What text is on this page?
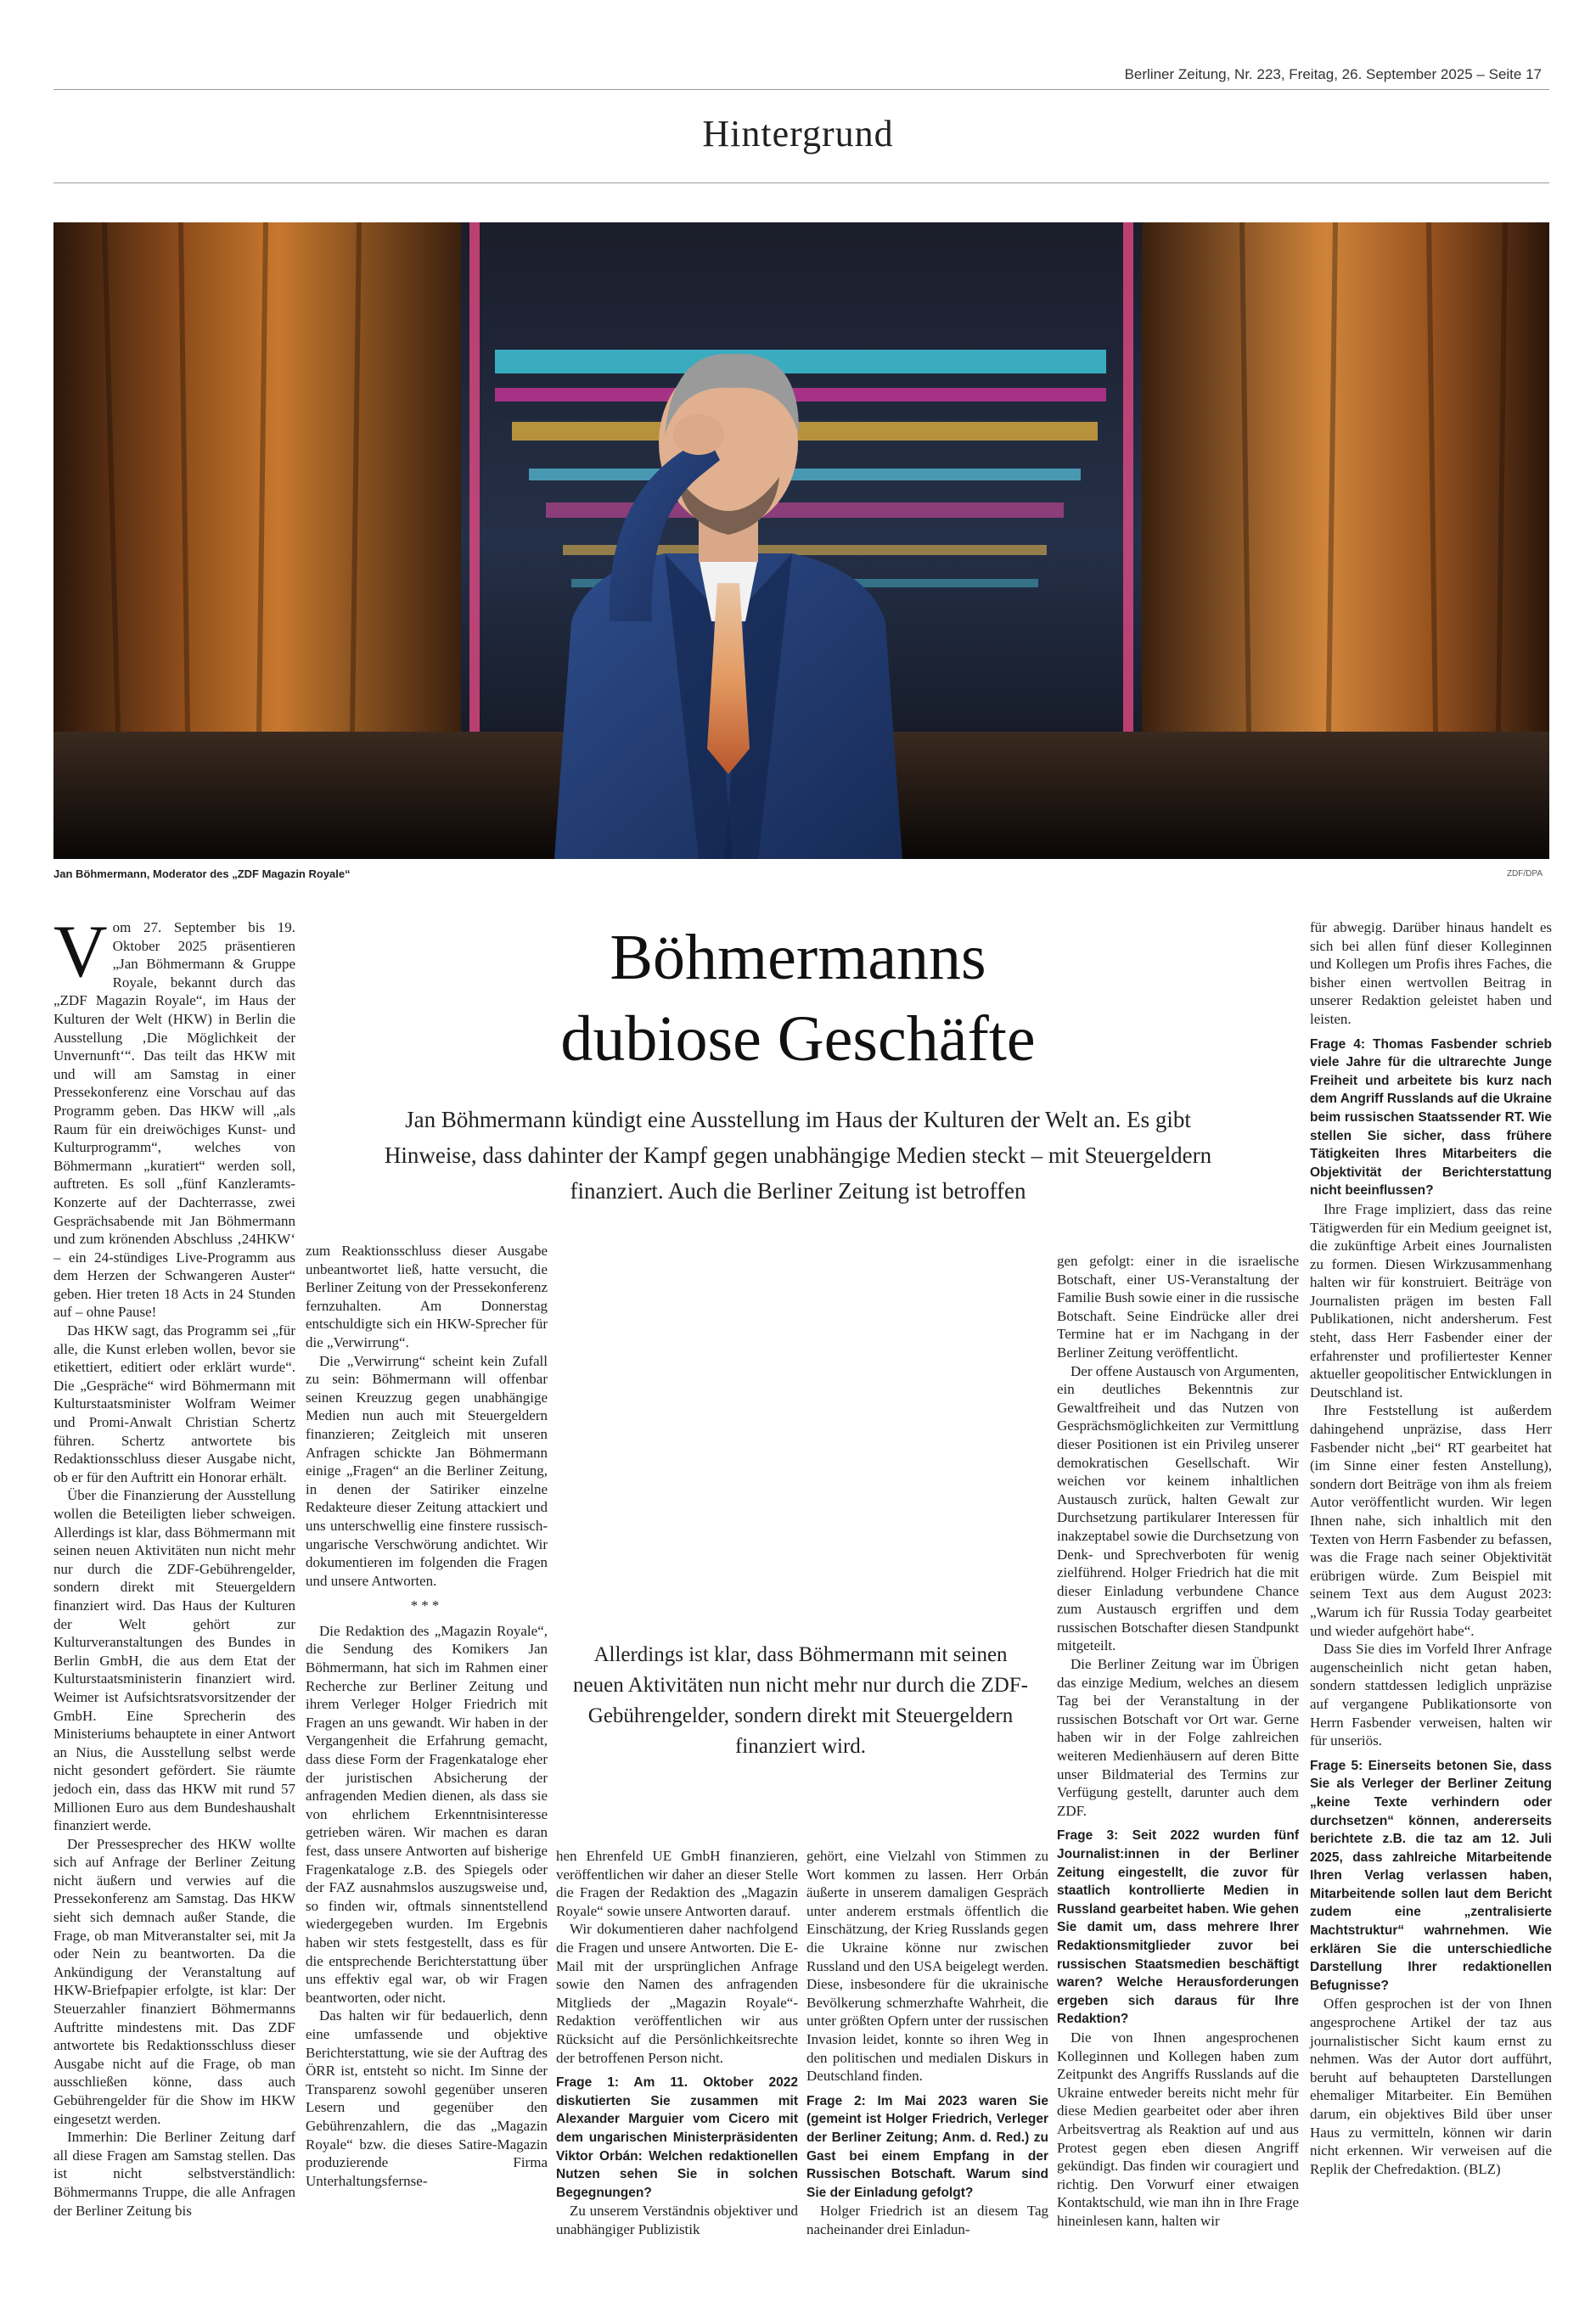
Berliner Zeitung, Nr. 223, Freitag, 26. September 2025 – Seite 17
Hintergrund
Jan Böhmermann, Moderator des „ZDF Magazin Royale“	ZDF/DPA
Böhmermanns
dubiose Geschäfte
Jan Böhmermann kündigt eine Ausstellung im Haus der Kulturen der Welt an. Es gibt Hinweise, dass dahinter der Kampf gegen unabhängige Medien steckt – mit Steuergeldern finanziert. Auch die Berliner Zeitung ist betroffen
Allerdings ist klar, dass Böhmermann mit seinen neuen Aktivitäten nun nicht mehr nur durch die ZDF-Gebührengelder, sondern direkt mit Steuergeldern finanziert wird.
V om 27. September bis 19. Oktober 2025 präsentieren „Jan Böhmermann & Gruppe Royale, bekannt durch das „ZDF Magazin Royale“, im Haus der Kulturen der Welt (HKW) in Berlin die Ausstellung ‚Die Möglichkeit der Unvernunft‘“. Das teilt das HKW mit und will am Samstag in einer Pressekonferenz eine Vorschau auf das Programm geben. Das HKW will „als Raum für ein dreiwöchiges Kunst- und Kulturprogramm“, welches von Böhmermann „kuratiert“ werden soll, auftreten. Es soll „fünf Kanzleramts-Konzerte auf der Dachterrasse, zwei Gesprächsabende mit Jan Böhmermann und zum krönenden Abschluss ‚24HKW‘ – ein 24-stündiges Live-Programm aus dem Herzen der Schwangeren Auster“ geben. Hier treten 18 Acts in 24 Stunden auf – ohne Pause!

Das HKW sagt, das Programm sei „für alle, die Kunst erleben wollen, bevor sie etikettiert, editiert oder erklärt wurde“. Die „Gespräche“ wird Böhmermann mit Kulturstaatsminister Wolfram Weimer und Promi-Anwalt Christian Schertz führen. Schertz antwortete bis Redaktionsschluss dieser Ausgabe nicht, ob er für den Auftritt ein Honorar erhält.

Über die Finanzierung der Ausstellung wollen die Beteiligten lieber schweigen. Allerdings ist klar, dass Böhmermann mit seinen neuen Aktivitäten nun nicht mehr nur durch die ZDF-Gebührengelder, sondern direkt mit Steuergeldern finanziert wird. Das Haus der Kulturen der Welt gehört zur Kulturveranstaltungen des Bundes in Berlin GmbH, die aus dem Etat der Kulturstaatsministerin finanziert wird. Weimer ist Aufsichtsratsvorsitzender der GmbH. Eine Sprecherin des Ministeriums behauptete in einer Antwort an Nius, die Ausstellung selbst werde nicht gesondert gefördert. Sie räumte jedoch ein, dass das HKW mit rund 57 Millionen Euro aus dem Bundeshaushalt finanziert werde.

Der Pressesprecher des HKW wollte sich auf Anfrage der Berliner Zeitung nicht äußern und verwies auf die Pressekonferenz am Samstag. Das HKW sieht sich demnach außer Stande, die Frage, ob man Mitveranstalter sei, mit Ja oder Nein zu beantworten. Da die Ankündigung der Veranstaltung auf HKW-Briefpapier erfolgte, ist klar: Der Steuerzahler finanziert Böhmermanns Auftritte mindestens mit. Das ZDF antwortete bis Redaktionsschluss dieser Ausgabe nicht auf die Frage, ob man ausschließen könne, dass auch Gebührengelder für die Show im HKW eingesetzt werden.

Immerhin: Die Berliner Zeitung darf all diese Fragen am Samstag stellen. Das ist nicht selbstverständlich: Böhmermanns Truppe, die alle Anfragen der Berliner Zeitung bis

zum Reaktionsschluss dieser Ausgabe unbeantwortet ließ, hatte versucht, die Berliner Zeitung von der Pressekonferenz fernzuhalten. Am Donnerstag entschuldigte sich ein HKW-Sprecher für die „Verwirrung“.

Die „Verwirrung“ scheint kein Zufall zu sein: Böhmermann will offenbar seinen Kreuzzug gegen unabhängige Medien nun auch mit Steuergeldern finanzieren; Zeitgleich mit unseren Anfragen schickte Jan Böhmermann einige „Fragen“ an die Berliner Zeitung, in denen der Satiriker einzelne Redakteure dieser Zeitung attackiert und uns unterschwellig eine finstere russisch-ungarische Verschwörung andichtet. Wir dokumentieren im folgenden die Fragen und unsere Antworten.

***

Die Redaktion des „Magazin Royale“, die Sendung des Komikers Jan Böhmermann, hat sich im Rahmen einer Recherche zur Berliner Zeitung und ihrem Verleger Holger Friedrich mit Fragen an uns gewandt. Wir haben in der Vergangenheit die Erfahrung gemacht, dass diese Form der Fragenkataloge eher der juristischen Absicherung der anfragenden Medien dienen, als dass sie von ehrlichem Erkenntnisinteresse getrieben wären. Wir machen es daran fest, dass unsere Antworten auf bisherige Fragenkataloge z.B. des Spiegels oder der FAZ ausnahmslos auszugsweise und, so finden wir, oftmals sinnentstellend wiedergegeben wurden. Im Ergebnis haben wir stets festgestellt, dass es für die entsprechende Berichterstattung über uns effektiv egal war, ob wir Fragen beantworten, oder nicht.

Das halten wir für bedauerlich, denn eine umfassende und objektive Berichterstattung, wie sie der Auftrag des ÖRR ist, entsteht so nicht. Im Sinne der Transparenz sowohl gegenüber unseren Lesern und gegenüber den Gebührenzahlern, die das „Magazin Royale“ bzw. die dieses Satire-Magazin produzierende Firma Unterhaltungsfernse-

hen Ehrenfeld UE GmbH finanzieren, veröffentlichen wir daher an dieser Stelle die Fragen der Redaktion des „Magazin Royale“ sowie unsere Antworten darauf.

Wir dokumentieren daher nachfolgend die Fragen und unsere Antworten. Die E-Mail mit der ursprünglichen Anfrage sowie den Namen des anfragenden Mitglieds der „Magazin Royale“-Redaktion veröffentlichen wir aus Rücksicht auf die Persönlichkeitsrechte der betroffenen Person nicht.

Frage 1: Am 11. Oktober 2022 diskutierten Sie zusammen mit Alexander Marguier vom Cicero mit dem ungarischen Ministerpräsidenten Viktor Orbán: Welchen redaktionellen Nutzen sehen Sie in solchen Begegnungen?

Zu unserem Verständnis objektiver und unabhängiger Publizistik

gehört, eine Vielzahl von Stimmen zu Wort kommen zu lassen. Herr Orbán äußerte in unserem damaligen Gespräch unter anderem erstmals öffentlich die Einschätzung, der Krieg Russlands gegen die Ukraine könne nur zwischen Russland und den USA beigelegt werden. Diese, insbesondere für die ukrainische Bevölkerung schmerzhafte Wahrheit, die unter größten Opfern unter der russischen Invasion leidet, konnte so ihren Weg in den politischen und medialen Diskurs in Deutschland finden.

Frage 2: Im Mai 2023 waren Sie (gemeint ist Holger Friedrich, Verleger der Berliner Zeitung; Anm. d. Red.) zu Gast bei einem Empfang in der Russischen Botschaft. Warum sind Sie der Einladung gefolgt?

Holger Friedrich ist an diesem Tag nacheinander drei Einladun-

gen gefolgt: einer in die israelische Botschaft, einer US-Veranstaltung der Familie Bush sowie einer in die russische Botschaft. Seine Eindrücke aller drei Termine hat er im Nachgang in der Berliner Zeitung veröffentlicht.

Der offene Austausch von Argumenten, ein deutliches Bekenntnis zur Gewaltfreiheit und das Nutzen von Gesprächsmöglichkeiten zur Vermittlung dieser Positionen ist ein Privileg unserer demokratischen Gesellschaft. Wir weichen vor keinem inhaltlichen Austausch zurück, halten Gewalt zur Durchsetzung partikularer Interessen für inakzeptabel sowie die Durchsetzung von Denk- und Sprechverboten für wenig zielführend. Holger Friedrich hat die mit dieser Einladung verbundene Chance zum Austausch ergriffen und dem russischen Botschafter diesen Standpunkt mitgeteilt.

Die Berliner Zeitung war im Übrigen das einzige Medium, welches an diesem Tag bei der Veranstaltung in der russischen Botschaft vor Ort war. Gerne haben wir in der Folge zahlreichen weiteren Medienhäusern auf deren Bitte unser Bildmaterial des Termins zur Verfügung gestellt, darunter auch dem ZDF.

Frage 3: Seit 2022 wurden fünf Journalist:innen in der Berliner Zeitung eingestellt, die zuvor für staatlich kontrollierte Medien in Russland gearbeitet haben. Wie gehen Sie damit um, dass mehrere Ihrer Redaktionsmitglieder zuvor bei russischen Staatsmedien beschäftigt waren? Welche Herausforderungen ergeben sich daraus für Ihre Redaktion?

Die von Ihnen angesprochenen Kolleginnen und Kollegen haben zum Zeitpunkt des Angriffs Russlands auf die Ukraine entweder bereits nicht mehr für diese Medien gearbeitet oder aber ihren Arbeitsvertrag als Reaktion auf und aus Protest gegen eben diesen Angriff gekündigt. Das finden wir couragiert und richtig. Den Vorwurf einer etwaigen Kontaktschuld, wie man ihn in Ihre Frage hineinlesen kann, halten wir

für abwegig. Darüber hinaus handelt es sich bei allen fünf dieser Kolleginnen und Kollegen um Profis ihres Faches, die bisher einen wertvollen Beitrag in unserer Redaktion geleistet haben und leisten.

Frage 4: Thomas Fasbender schrieb viele Jahre für die ultrarechte Junge Freiheit und arbeitete bis kurz nach dem Angriff Russlands auf die Ukraine beim russischen Staatssender RT. Wie stellen Sie sicher, dass frühere Tätigkeiten Ihres Mitarbeiters die Objektivität der Berichterstattung nicht beeinflussen?

Ihre Frage impliziert, dass das reine Tätigwerden für ein Medium geeignet ist, die zukünftige Arbeit eines Journalisten zu formen. Diesen Wirkzusammenhang halten wir für konstruiert. Beiträge von Journalisten prägen im besten Fall Publikationen, nicht andersherum. Fest steht, dass Herr Fasbender einer der erfahrenster und profiliertester Kenner aktueller geopolitischer Entwicklungen in Deutschland ist.

Ihre Feststellung ist außerdem dahingehend unpräzise, dass Herr Fasbender nicht „bei“ RT gearbeitet hat (im Sinne einer festen Anstellung), sondern dort Beiträge von ihm als freiem Autor veröffentlicht wurden. Wir legen Ihnen nahe, sich inhaltlich mit den Texten von Herrn Fasbender zu befassen, was die Frage nach seiner Objektivität erübrigen würde. Zum Beispiel mit seinem Text aus dem August 2023: „Warum ich für Russia Today gearbeitet und wieder aufgehört habe“.

Dass Sie dies im Vorfeld Ihrer Anfrage augenscheinlich nicht getan haben, sondern stattdessen lediglich unpräzise auf vergangene Publikationsorte von Herrn Fasbender verweisen, halten wir für unseriös.

Frage 5: Einerseits betonen Sie, dass Sie als Verleger der Berliner Zeitung „keine Texte verhindern oder durchsetzen“ können, andererseits berichtete z.B. die taz am 12. Juli 2025, dass zahlreiche Mitarbeitende Ihren Verlag verlassen haben, Mitarbeitende sollen laut dem Bericht zudem eine „zentralisierte Machtstruktur“ wahrnehmen. Wie erklären Sie die unterschiedliche Darstellung Ihrer redaktionellen Befugnisse?

Offen gesprochen ist der von Ihnen angesprochene Artikel der taz aus journalistischer Sicht kaum ernst zu nehmen. Was der Autor dort aufführt, beruht auf behaupteten Darstellungen ehemaliger Mitarbeiter. Ein Bemühen darum, ein objektives Bild über unser Haus zu vermitteln, können wir darin nicht erkennen. Wir verweisen auf die Replik der Chefredaktion. (BLZ)
